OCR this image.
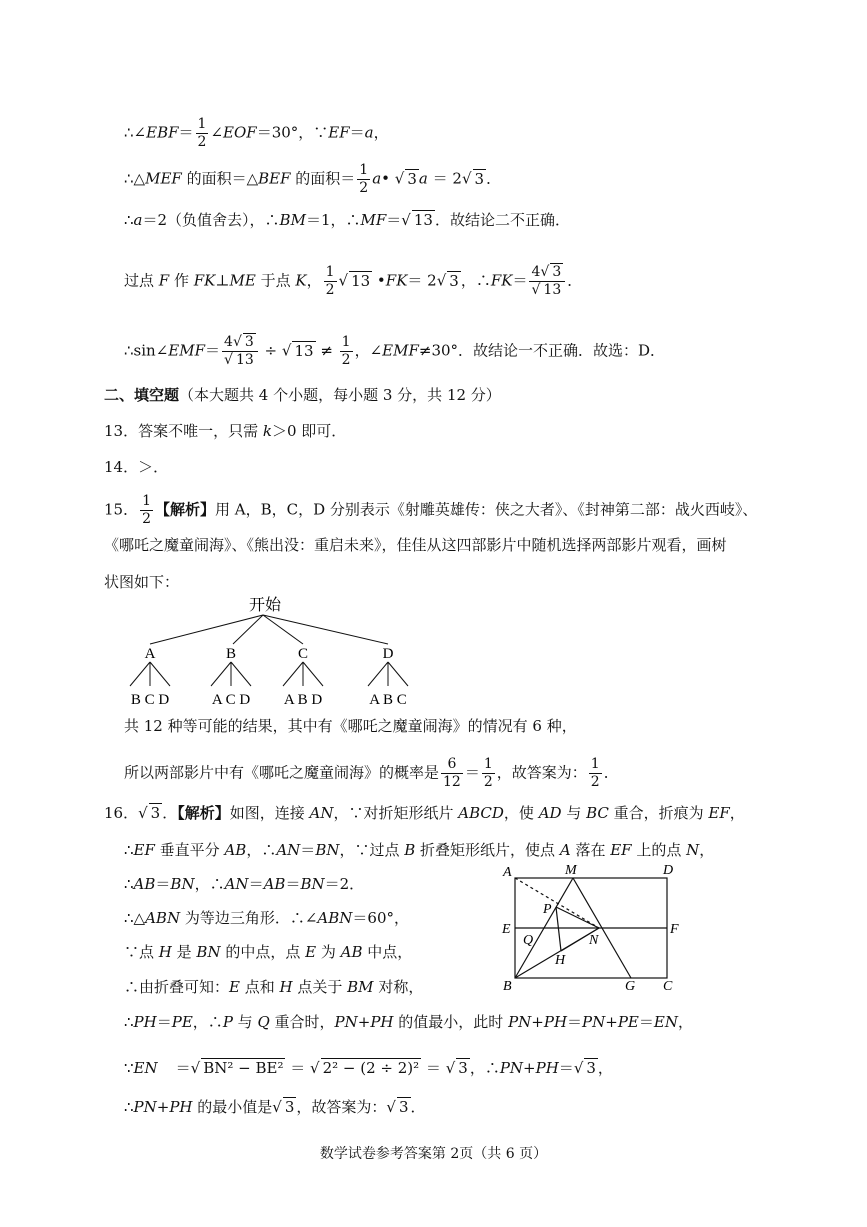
∴∠EBF＝ $\frac{1}{2}$ ∠EOF＝30°，∵EF＝a，
∴△MEF 的面积＝△BEF 的面积＝ $\frac{1}{2}$ a• √ 3 a ＝ 2√ 3 ．
∴a＝2（负值舍去），∴BM＝1，∴MF＝√ 13 ．故结论二不正确．
过点 F 作 FK⊥ME 于点 K， $\frac{1}{2}$ √ 13 •FK＝ 2√ 3 ，∴FK＝ $\frac{4√ 3}{√ 13}$ ．
∴sin∠EMF＝ $\frac{4√ 3}{√ 13}$ ÷ √ $13 \ne \frac{1}{2}$ ，∠EMF≠30°．故结论一不正确．故选：D．
二、填空题（本大题共 4 个小题，每小题 3 分，共 12 分）
13．答案不唯一，只需 k＞0 即可．
14．＞．
15． $\frac{1}{2}$ 【解析】用 A，B，C，D 分别表示《射雕英雄传：侠之大者》、《封神第二部：战火西岐》、
《哪吒之魔童闹海》、《熊出没：重启未来》，佳佳从这四部影片中随机选择两部影片观看，画树
状图如下：
开始
A	B	C	D
B C D	A C D A B D	A B C
共 12 种等可能的结果，其中有《哪吒之魔童闹海》的情况有 6 种，
所以两部影片中有《哪吒之魔童闹海》的概率是 $\frac{6}{12} = \frac{1}{2}$ ，故答案为： $\frac{1}{2}$ ．
16．√ 3 ．【解析】如图，连接 AN，∵对折矩形纸片 ABCD，使 AD 与 BC 重合，折痕为 EF，
∴EF 垂直平分 AB，∴AN＝BN，∵过点 B 折叠矩形纸片，使点 A 落在 EF 上的点 N，
∴AB＝BN，∴AN＝AB＝BN＝2．
∴△ABN 为等边三角形．∴∠ABN＝60°，
∵点 H 是 BN 的中点，点 E 为 AB 中点，
∴由折叠可知：E 点和 H 点关于 BM 对称，
∴PH＝PE，∴P 与 Q 重合时，PN+PH 的值最小，此时 PN+PH＝PN+PE＝EN，
∵EN ＝√ BN² − BE² ＝ √ 2² − (2 ÷ 2)² ＝ √ 3 ，∴PN+PH＝√ 3 ，
∴PN+PH 的最小值是√ 3 ，故答案为：√ 3 ．
A	M	D
P
E
Q	N
F
H
B	G C
数学试卷参考答案第 2页（共 6 页）
